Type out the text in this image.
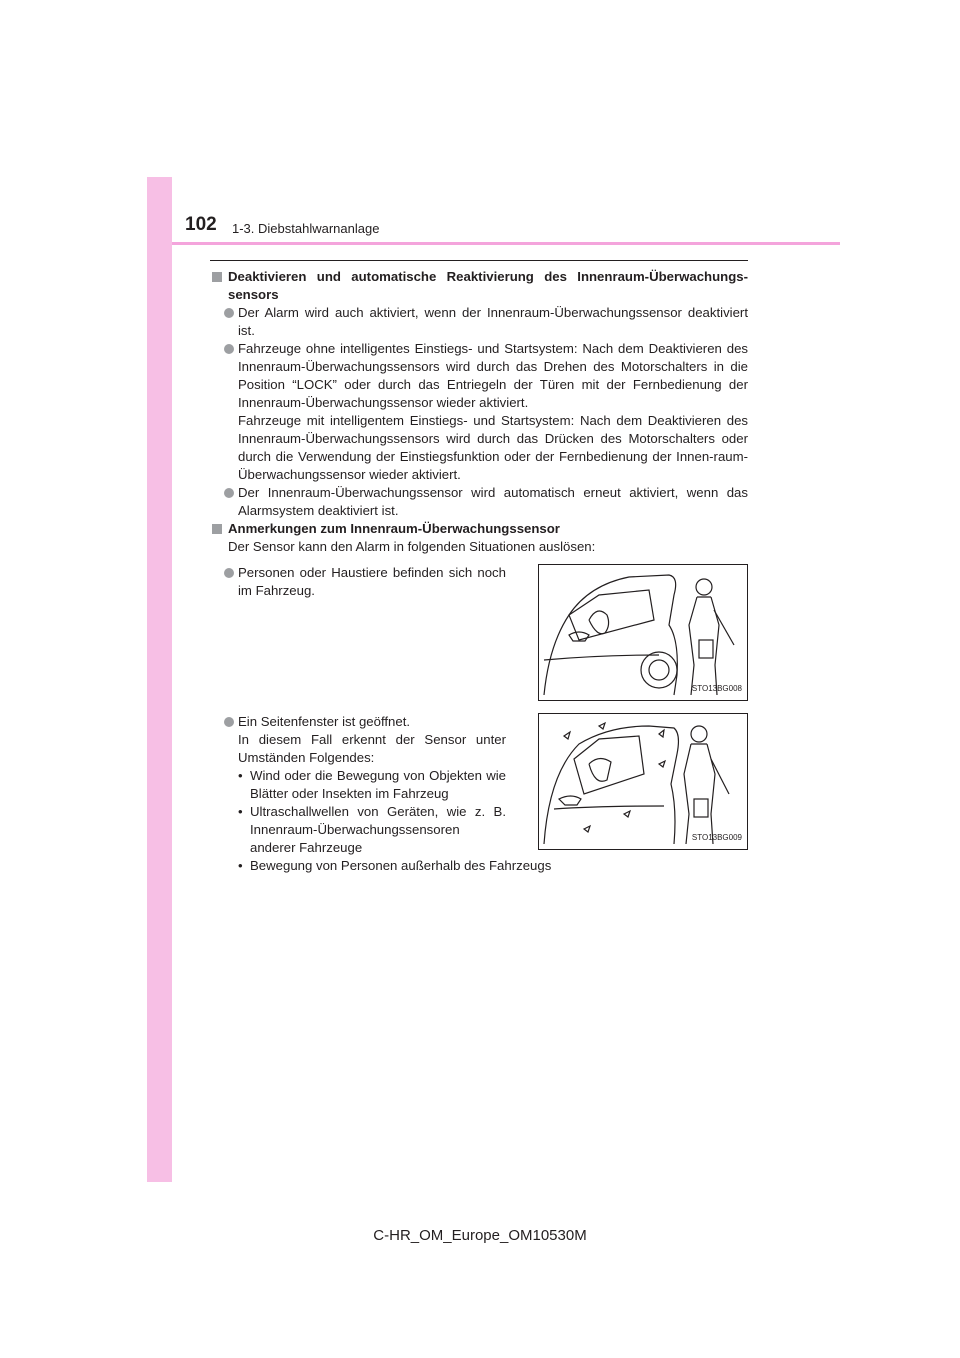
102 1-3. Diebstahlwarnanlage

Deaktivieren und automatische Reaktivierung des Innenraum-Überwachungs-sensors

Der Alarm wird auch aktiviert, wenn der Innenraum-Überwachungssensor deaktiviert ist.

Fahrzeuge ohne intelligentes Einstiegs- und Startsystem: Nach dem Deaktivieren des Innenraum-Überwachungssensors wird durch das Drehen des Motorschalters in die Position “LOCK” oder durch das Entriegeln der Türen mit der Fernbedienung der Innenraum-Überwachungssensor wieder aktiviert.

Fahrzeuge mit intelligentem Einstiegs- und Startsystem: Nach dem Deaktivieren des Innenraum-Überwachungssensors wird durch das Drücken des Motorschalters oder durch die Verwendung der Einstiegsfunktion oder der Fernbedienung der Innen-raum-Überwachungssensor wieder aktiviert.

Der Innenraum-Überwachungssensor wird automatisch erneut aktiviert, wenn das Alarmsystem deaktiviert ist.

Anmerkungen zum Innenraum-Überwachungssensor

Der Sensor kann den Alarm in folgenden Situationen auslösen:

Personen oder Haustiere befinden sich noch im Fahrzeug.

STO13BG008

Ein Seitenfenster ist geöffnet.

In diesem Fall erkennt der Sensor unter Umständen Folgendes:

• Wind oder die Bewegung von Objekten wie Blätter oder Insekten im Fahrzeug

• Ultraschallwellen von Geräten, wie z. B. Innenraum-Überwachungssensoren anderer Fahrzeuge

STO13BG009

• Bewegung von Personen außerhalb des Fahrzeugs

C-HR_OM_Europe_OM10530M
